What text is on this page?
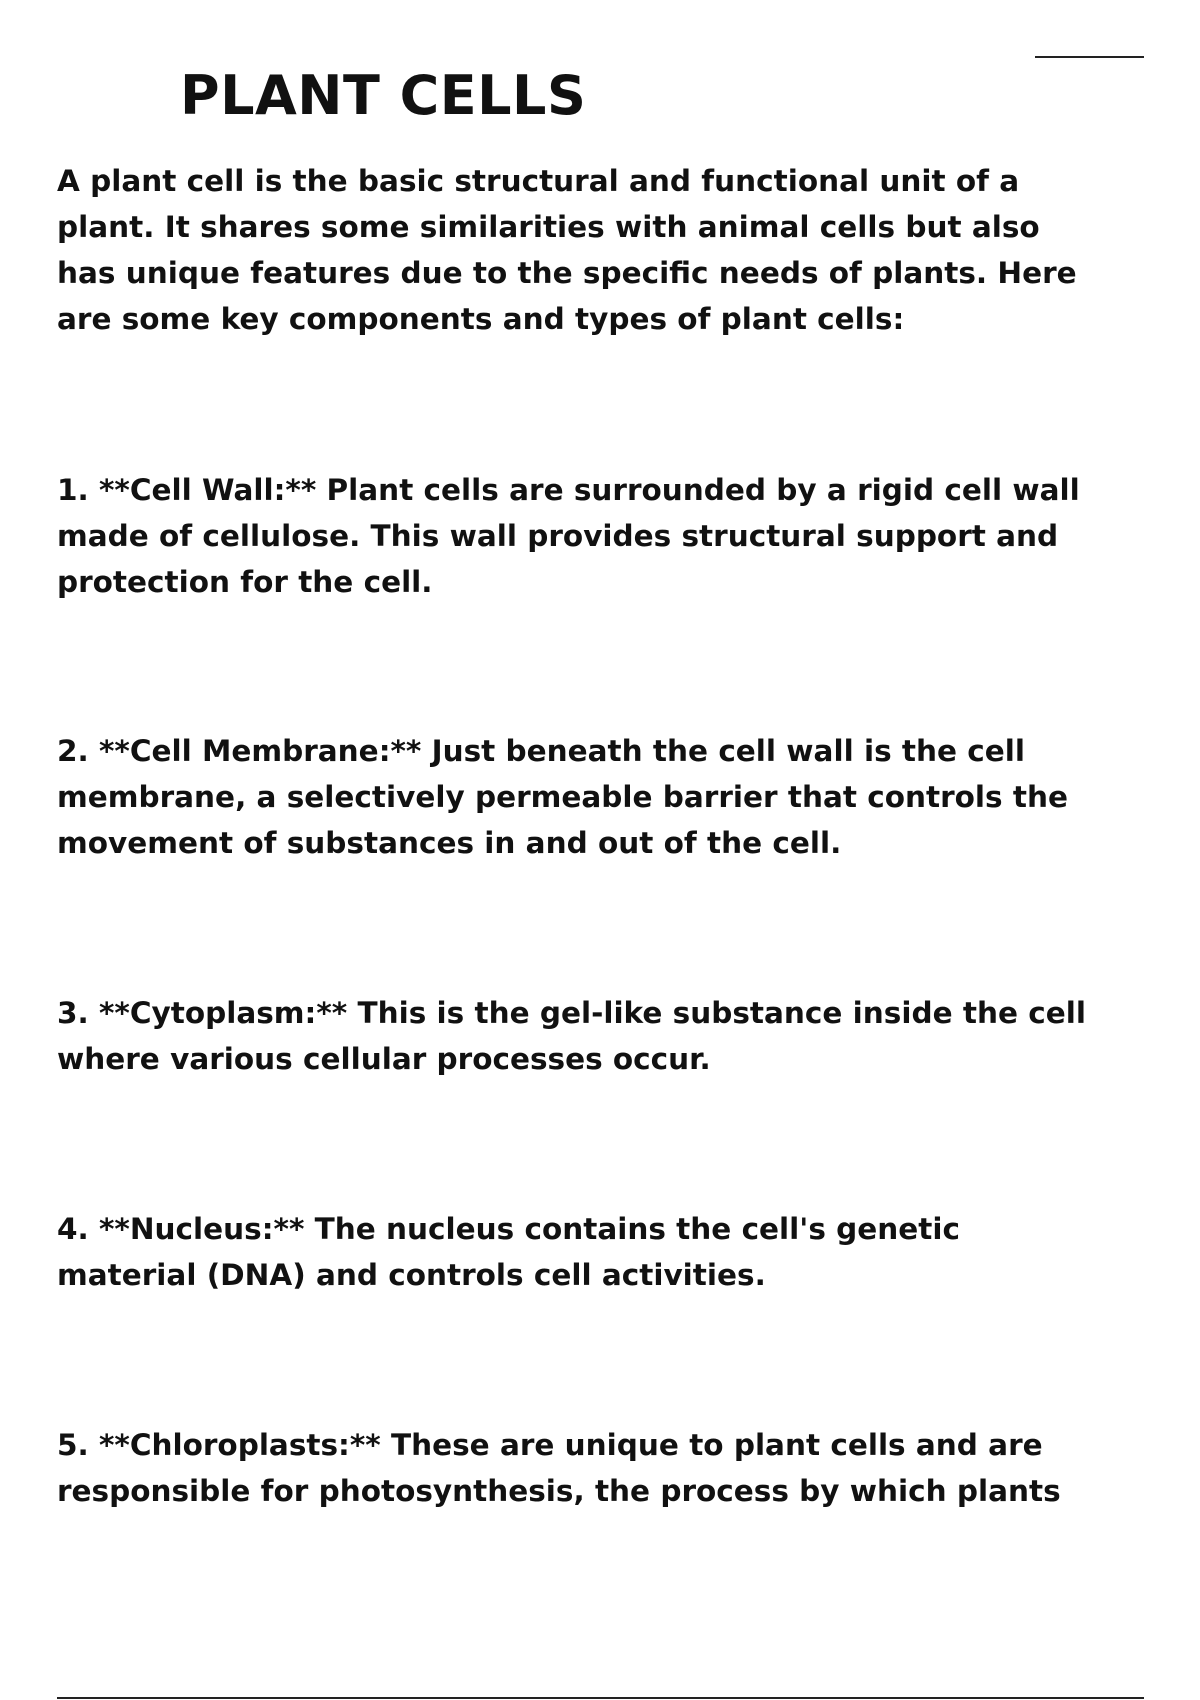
PLANT CELLS

A plant cell is the basic structural and functional unit of a
plant. It shares some similarities with animal cells but also
has unique features due to the specific needs of plants. Here
are some key components and types of plant cells:

1. **Cell Wall:** Plant cells are surrounded by a rigid cell wall
made of cellulose. This wall provides structural support and
protection for the cell.

2. **Cell Membrane:** Just beneath the cell wall is the cell
membrane, a selectively permeable barrier that controls the
movement of substances in and out of the cell.

3. **Cytoplasm:** This is the gel-like substance inside the cell
where various cellular processes occur.

4. **Nucleus:** The nucleus contains the cell's genetic
material (DNA) and controls cell activities.

5. **Chloroplasts:** These are unique to plant cells and are
responsible for photosynthesis, the process by which plants
